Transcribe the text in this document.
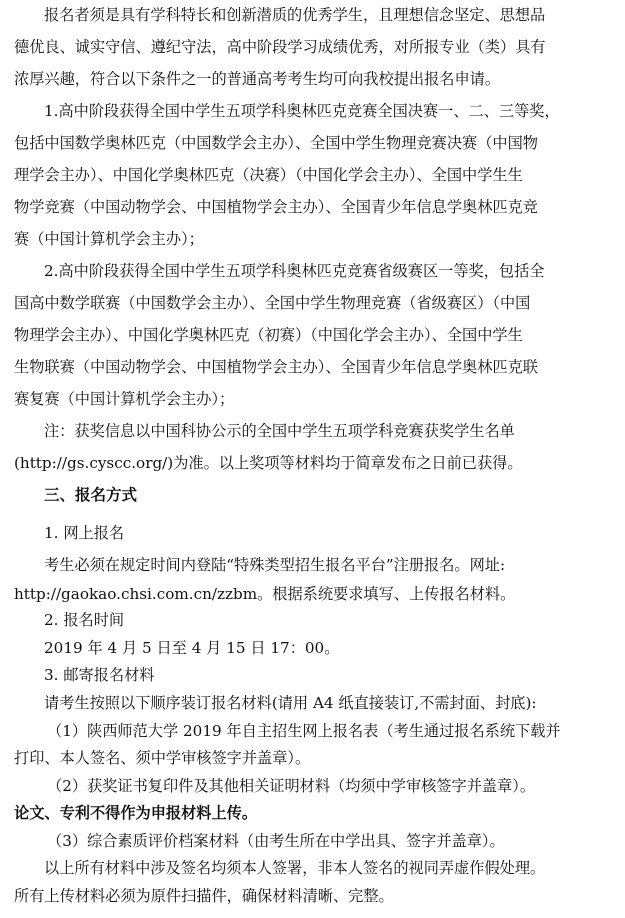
报名者须是具有学科特长和创新潜质的优秀学生，且理想信念坚定、思想品
德优良、诚实守信、遵纪守法，高中阶段学习成绩优秀，对所报专业（类）具有
浓厚兴趣，符合以下条件之一的普通高考考生均可向我校提出报名申请。
1.高中阶段获得全国中学生五项学科奥林匹克竞赛全国决赛一、二、三等奖，
包括中国数学奥林匹克（中国数学会主办）、全国中学生物理竞赛决赛（中国物
理学会主办）、中国化学奥林匹克（决赛）（中国化学会主办）、全国中学生生
物学竞赛（中国动物学会、中国植物学会主办）、全国青少年信息学奥林匹克竞
赛（中国计算机学会主办）；
2.高中阶段获得全国中学生五项学科奥林匹克竞赛省级赛区一等奖，包括全
国高中数学联赛（中国数学会主办）、全国中学生物理竞赛（省级赛区）（中国
物理学会主办）、中国化学奥林匹克（初赛）（中国化学会主办）、全国中学生
生物联赛（中国动物学会、中国植物学会主办）、全国青少年信息学奥林匹克联
赛复赛（中国计算机学会主办）；
注：获奖信息以中国科协公示的全国中学生五项学科竞赛获奖学生名单
(http://gs.cyscc.org/)为准。以上奖项等材料均于简章发布之日前已获得。
三、报名方式
1. 网上报名
考生必须在规定时间内登陆“特殊类型招生报名平台”注册报名。网址:
http://gaokao.chsi.com.cn/zzbm。根据系统要求填写、上传报名材料。
2. 报名时间
2019 年 4 月 5 日至 4 月 15 日 17：00。
3. 邮寄报名材料
请考生按照以下顺序装订报名材料(请用 A4 纸直接装订,不需封面、封底):
（1）陕西师范大学 2019 年自主招生网上报名表（考生通过报名系统下载并
打印、本人签名、须中学审核签字并盖章）。
（2）获奖证书复印件及其他相关证明材料（均须中学审核签字并盖章）。
论文、专利不得作为申报材料上传。
（3）综合素质评价档案材料（由考生所在中学出具、签字并盖章）。
以上所有材料中涉及签名均须本人签署，非本人签名的视同弄虚作假处理。
所有上传材料必须为原件扫描件，确保材料清晰、完整。
